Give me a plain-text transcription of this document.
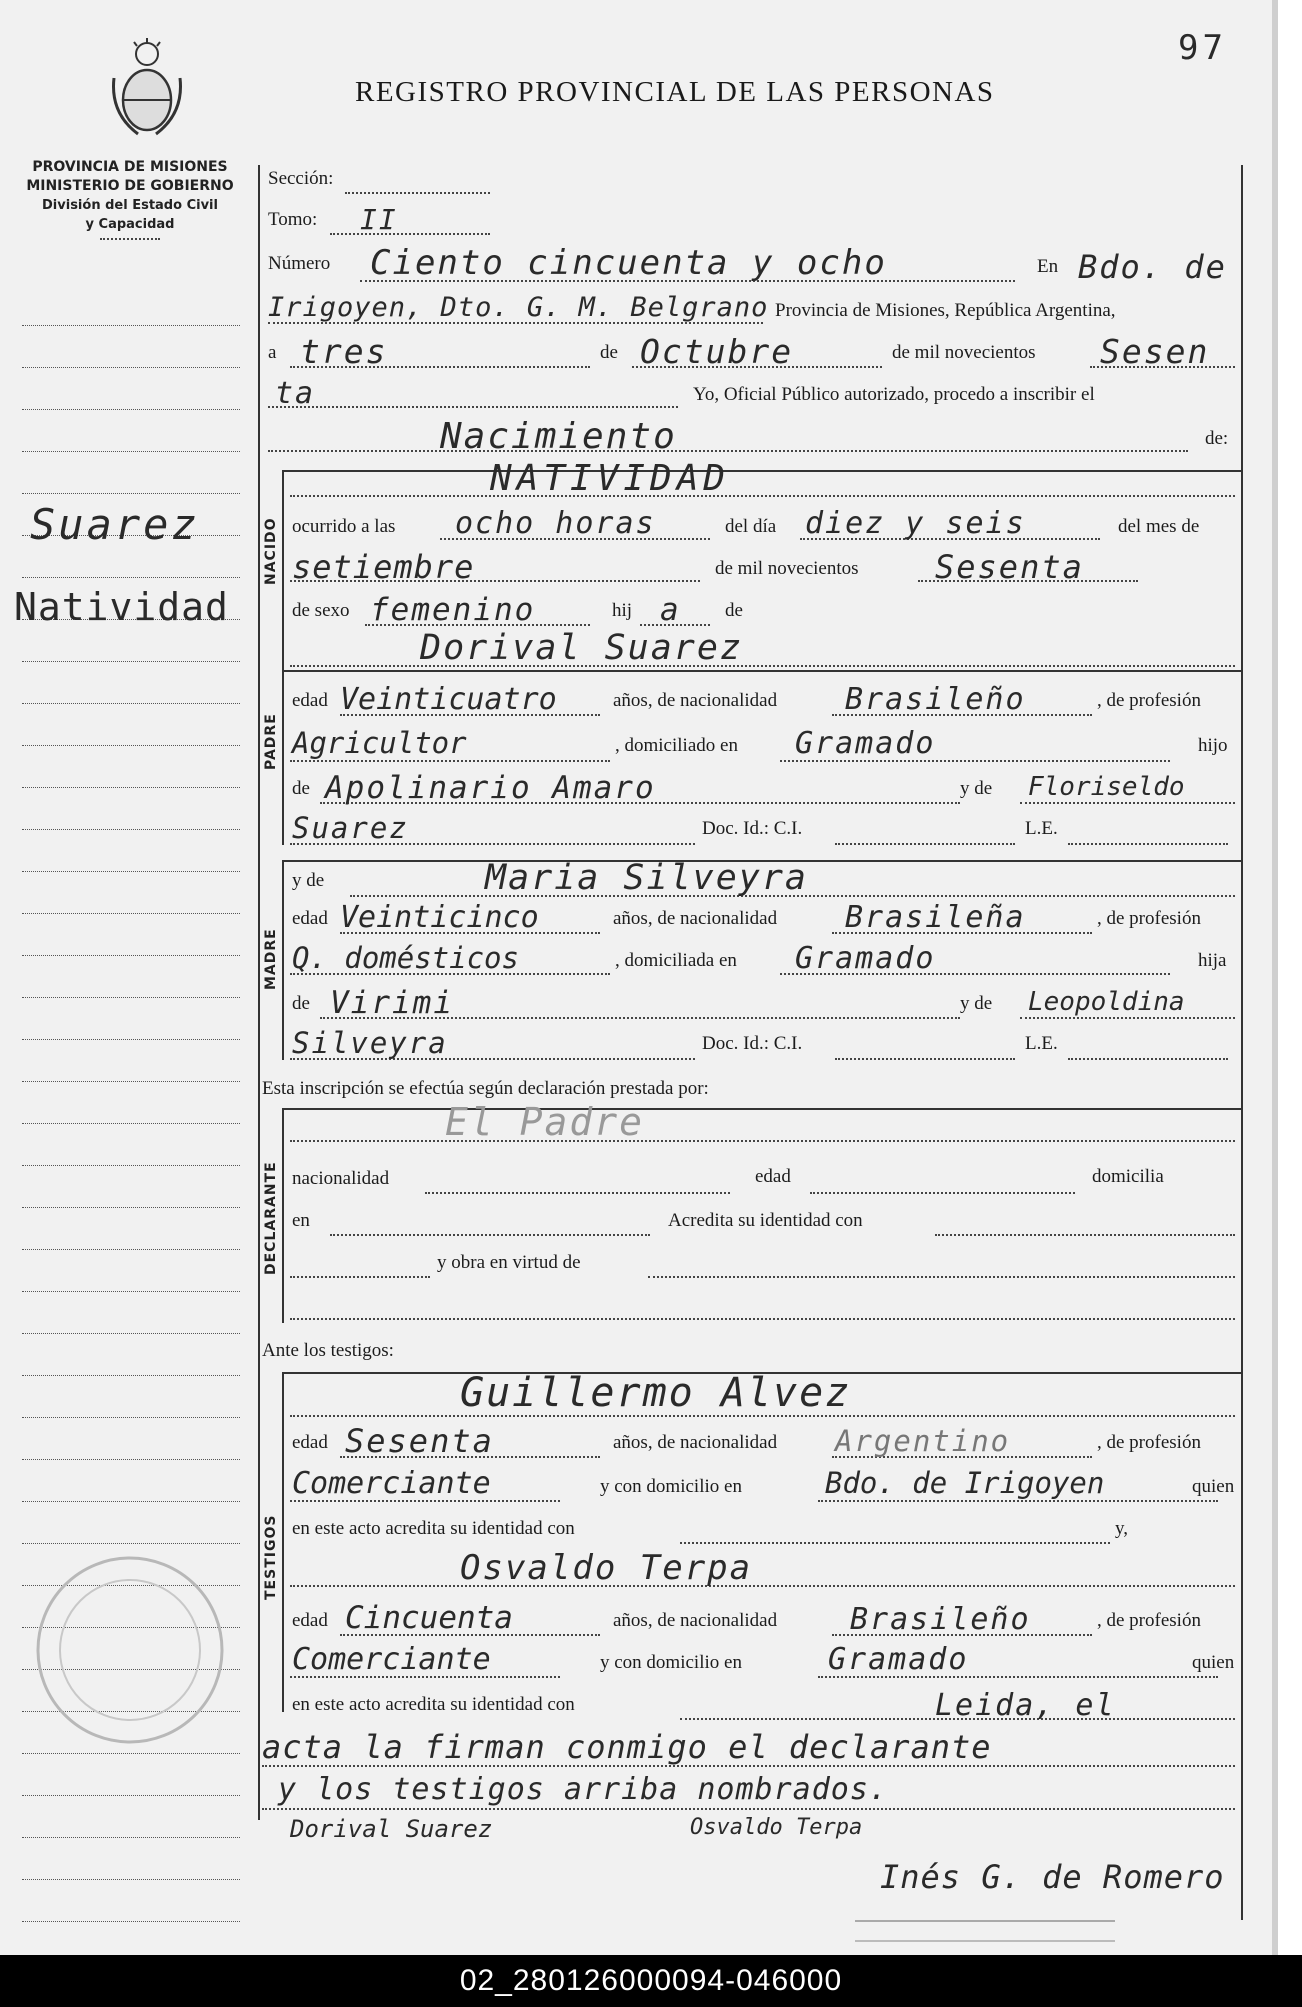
97
REGISTRO PROVINCIAL DE LAS PERSONAS
PROVINCIA DE MISIONES
MINISTERIO DE GOBIERNO
División del Estado Civil
y Capacidad
Suarez
Natividad
Sección:
Tomo: II
Número Ciento cincuenta y ocho	En Bdo. de
Irigoyen, Dto. G. M. Belgrano Provincia de Misiones, República Argentina,
a tres	de Octubre	de mil novecientos Sesen
ta	Yo, Oficial Público autorizado, procedo a inscribir el
Nacimiento	de:
NACIDO
NATIVIDAD
ocurrido a las ocho horas	del día diez y seis	del mes de
setiembre	de mil novecientos Sesenta
de sexo femenino	hij a de
PADRE
Dorival Suarez
edad Veinticuatro	años, de nacionalidad Brasileño	, de profesión
Agricultor	, domiciliado en Gramado	hijo
de Apolinario Amaro	y de Floriseldo
Suarez	Doc. Id.: C.I.	L.E.
MADRE
y de	Maria Silveyra
edad Veinticinco	años, de nacionalidad Brasileña	, de profesión
Q. domésticos	, domiciliada en Gramado	hija
de Virimi	y de Leopoldina
Silveyra	Doc. Id.: C.I.	L.E.
Esta inscripción se efectúa según declaración prestada por:
DECLARANTE
El Padre
nacionalidad	edad	domicilia
en	Acredita su identidad con
y obra en virtud de
Ante los testigos:
TESTIGOS
Guillermo Alvez
edad Sesenta	años, de nacionalidad Argentino	, de profesión
Comerciante	y con domicilio en	Bdo. de Irigoyen	quien
en este acto acredita su identidad con	y,
Osvaldo Terpa
edad Cincuenta	años, de nacionalidad Brasileño	, de profesión
Comerciante	y con domicilio en	Gramado	quien
en este acto acredita su identidad con	Leida, el
acta la firman conmigo el declarante
y los testigos arriba nombrados.
Dorival Suarez	Osvaldo Terpa
Inés G. de Romero
02_280126000094-046000
